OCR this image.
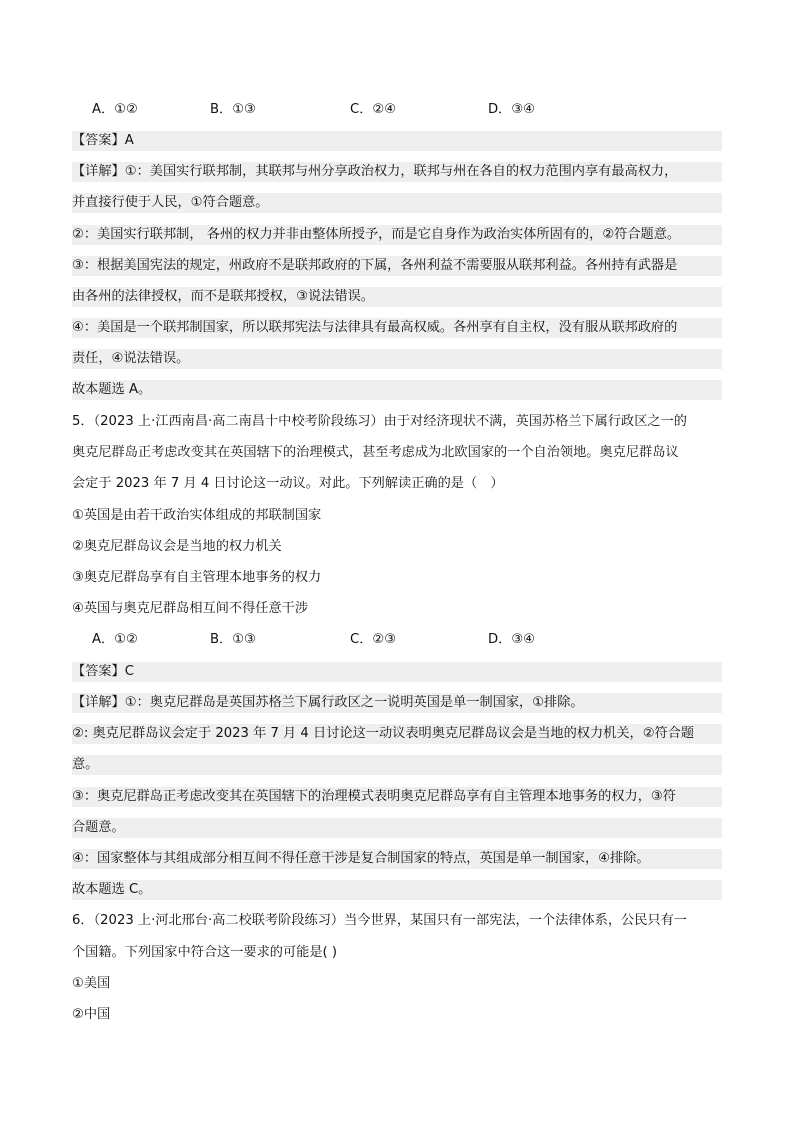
A．①②	B．①③	C．②④	D．③④
【答案】A
【详解】①：美国实行联邦制，其联邦与州分享政治权力，联邦与州在各自的权力范围内享有最高权力，
并直接行使于人民，①符合题意。
②：美国实行联邦制， 各州的权力并非由整体所授予，而是它自身作为政治实体所固有的，②符合题意。
③：根据美国宪法的规定，州政府不是联邦政府的下属，各州利益不需要服从联邦利益。各州持有武器是
由各州的法律授权，而不是联邦授权，③说法错误。
④：美国是一个联邦制国家，所以联邦宪法与法律具有最高权威。各州享有自主权，没有服从联邦政府的
责任，④说法错误。
故本题选 A。
5．（2023 上·江西南昌·高二南昌十中校考阶段练习）由于对经济现状不满，英国苏格兰下属行政区之一的
奥克尼群岛正考虑改变其在英国辖下的治理模式，甚至考虑成为北欧国家的一个自治领地。奥克尼群岛议
会定于 2023 年 7 月 4 日讨论这一动议。对此。下列解读正确的是（　）
①英国是由若干政治实体组成的邦联制国家
②奥克尼群岛议会是当地的权力机关
③奥克尼群岛享有自主管理本地事务的权力
④英国与奥克尼群岛相互间不得任意干涉
A．①②	B．①③	C．②③	D．③④
【答案】C
【详解】①：奥克尼群岛是英国苏格兰下属行政区之一说明英国是单一制国家，①排除。
②: 奥克尼群岛议会定于 2023 年 7 月 4 日讨论这一动议表明奥克尼群岛议会是当地的权力机关，②符合题
意。
③：奥克尼群岛正考虑改变其在英国辖下的治理模式表明奥克尼群岛享有自主管理本地事务的权力，③符
合题意。
④：国家整体与其组成部分相互间不得任意干涉是复合制国家的特点，英国是单一制国家，④排除。
故本题选 C。
6．（2023 上·河北邢台·高二校联考阶段练习）当今世界，某国只有一部宪法，一个法律体系，公民只有一
个国籍。下列国家中符合这一要求的可能是( )
①美国
②中国
